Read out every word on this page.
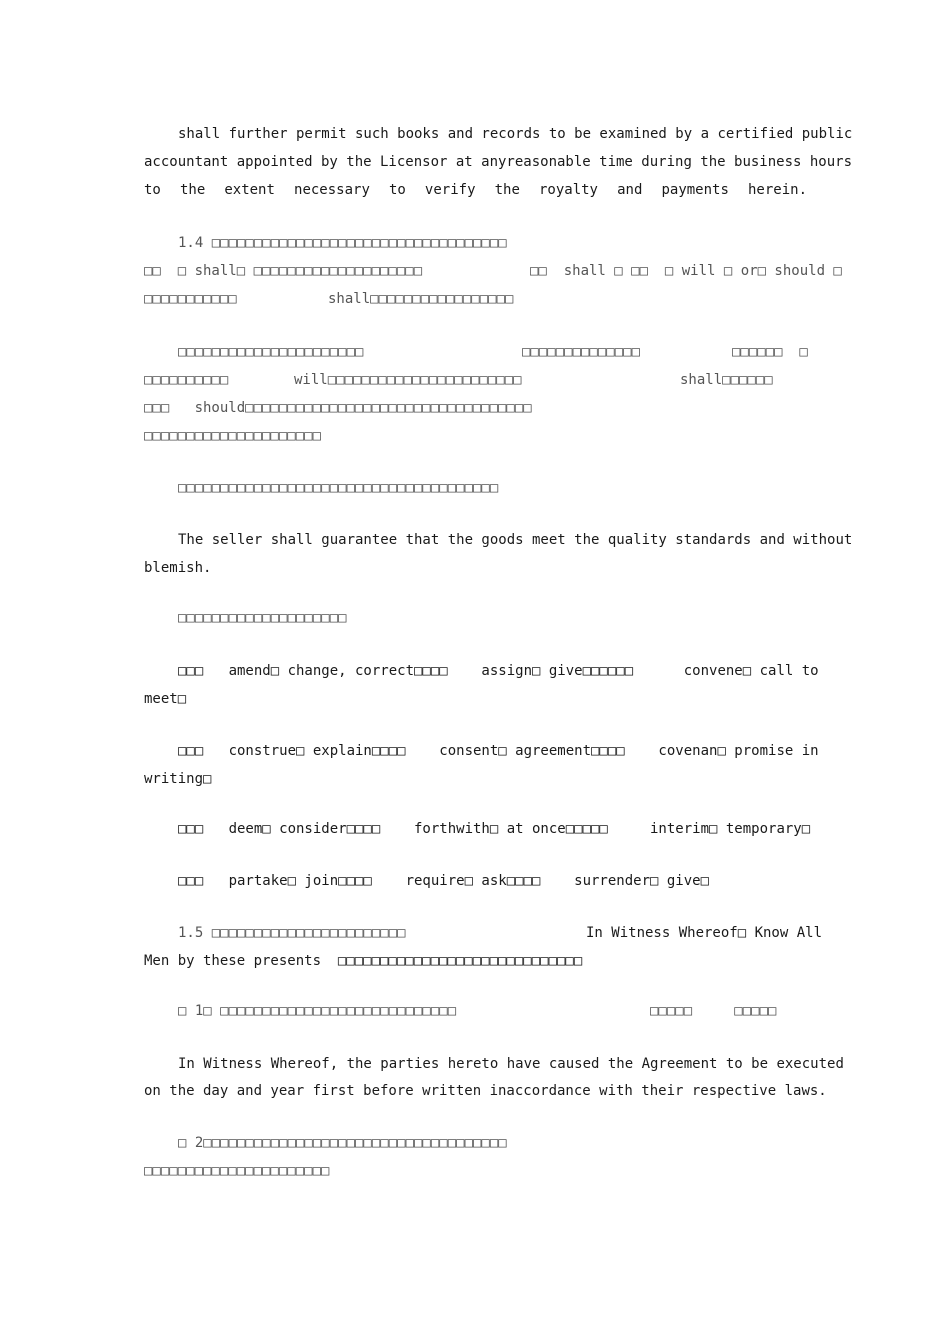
shall further permit such books and records to be examined by a certified public
accountant appointed by the Licensor at anyreasonable time during the business hours
to the extent necessary to verify the royalty and payments herein.
1.4 □□□□□□□□□□□□□□□□□□□□□□□□□□□□□□□□□□□
□□  □ shall□ □□□□□□□□□□□□□□□□□□□□	□□  shall □ □□  □ will □ or□ should □
□□□□□□□□□□□	shall□□□□□□□□□□□□□□□□□
□□□□□□□□□□□□□□□□□□□□□□	□□□□□□□□□□□□□□	□□□□□□  □
□□□□□□□□□□	will□□□□□□□□□□□□□□□□□□□□□□□	shall□□□□□□
□□□   should□□□□□□□□□□□□□□□□□□□□□□□□□□□□□□□□□□
□□□□□□□□□□□□□□□□□□□□□
□□□□□□□□□□□□□□□□□□□□□□□□□□□□□□□□□□□□□□
The seller shall guarantee that the goods meet the quality standards and without
blemish.
□□□□□□□□□□□□□□□□□□□□
□□□   amend□ change, correct□□□□    assign□ give□□□□□□      convene□ call to
meet□
□□□   construe□ explain□□□□    consent□ agreement□□□□    covenan□ promise in
writing□
□□□   deem□ consider□□□□    forthwith□ at once□□□□□     interim□ temporary□
□□□   partake□ join□□□□    require□ ask□□□□    surrender□ give□
1.5 □□□□□□□□□□□□□□□□□□□□□□□	In Witness Whereof□ Know All
Men by these presents  □□□□□□□□□□□□□□□□□□□□□□□□□□□□□
□ 1□ □□□□□□□□□□□□□□□□□□□□□□□□□□□□	□□□□□     □□□□□
In Witness Whereof, the parties hereto have caused the Agreement to be executed
on the day and year first before written inaccordance with their respective laws.
□ 2□□□□□□□□□□□□□□□□□□□□□□□□□□□□□□□□□□□□
□□□□□□□□□□□□□□□□□□□□□□
